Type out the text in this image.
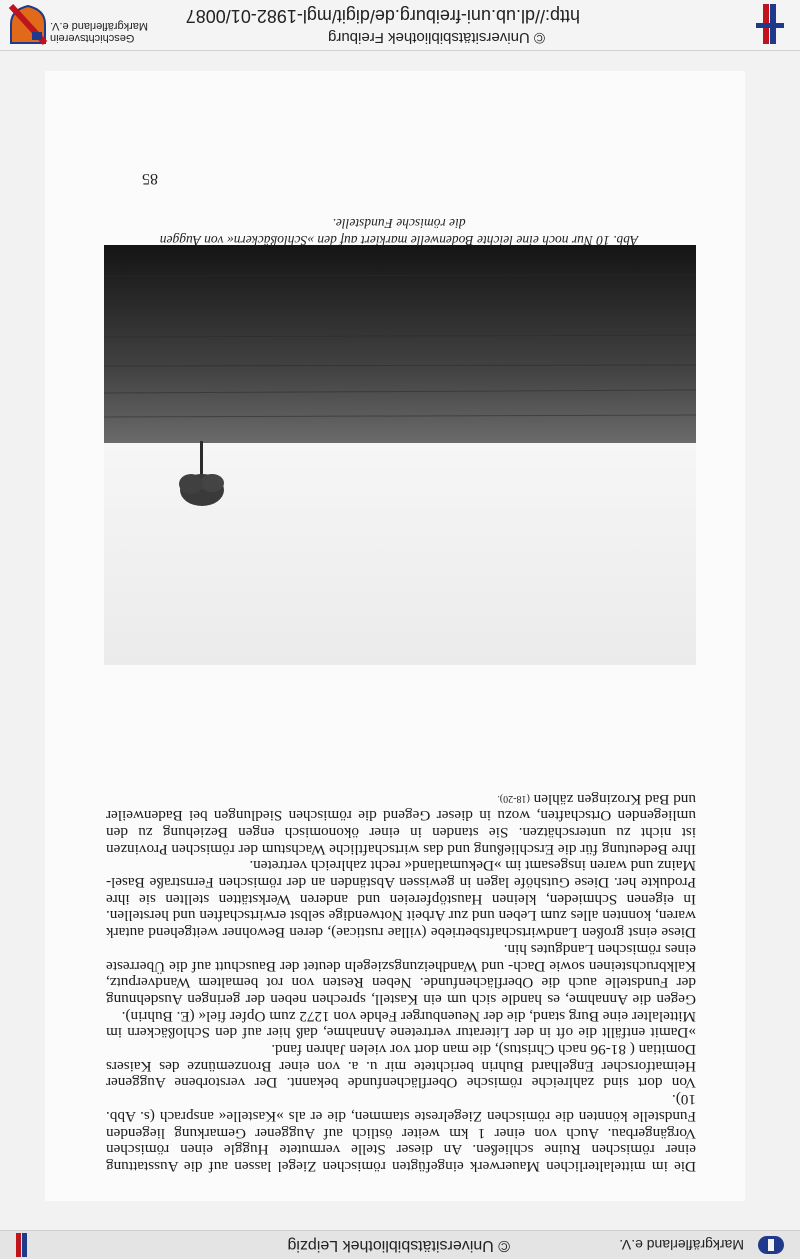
Markgräflerland e.V.
© Universitätsbibliothek Leipzig

Die im mittelalterlichen Mauerwerk eingefügten römischen Ziegel lassen auf die Ausstattung einer römischen Ruine schließen. An dieser Stelle vermutete Huggle einen römischen Vorgängerbau. Auch von einer 1 km weiter östlich auf Auggener Gemarkung liegenden Fundstelle könnten die römischen Ziegelreste stammen, die er als »Kastelle« ansprach (s. Abb. 10).

Von dort sind zahlreiche römische Oberflächenfunde bekannt. Der verstorbene Auggener Heimatforscher Engelhard Buhrin berichtete mir u. a. von einer Bronzemünze des Kaisers Domitian ( 81-96 nach Christus), die man dort vor vielen Jahren fand.

»Damit entfällt die oft in der Literatur vertretene Annahme, daß hier auf den Schloßäckern im Mittelalter eine Burg stand, die der Neuenburger Fehde von 1272 zum Opfer fiel« (E. Buhrin).

Gegen die Annahme, es handle sich um ein Kastell, sprechen neben der geringen Ausdehnung der Fundstelle auch die Oberflächenfunde. Neben Resten von rot bemaltem Wandverputz, Kalkbruchsteinen sowie Dach- und Wandheizungsziegeln deutet der Bauschutt auf die Überreste eines römischen Landgutes hin.

Diese einst großen Landwirtschaftsbetriebe (villae rusticae), deren Bewohner weitgehend autark waren, konnten alles zum Leben und zur Arbeit Notwendige selbst erwirtschaften und herstellen. In eigenen Schmieden, kleinen Haustöpfereien und anderen Werkstätten stellten sie ihre Produkte her. Diese Gutshöfe lagen in gewissen Abständen an der römischen Fernstraße Basel-Mainz und waren insgesamt im »Dekumatland« recht zahlreich vertreten.

Ihre Bedeutung für die Erschließung und das wirtschaftliche Wachstum der römischen Provinzen ist nicht zu unterschätzen. Sie standen in einer ökonomisch engen Beziehung zu den umliegenden Ortschaften, wozu in dieser Gegend die römischen Siedlungen bei Badenweiler und Bad Krozingen zählen (18-20).

Abb. 10 Nur noch eine leichte Bodenwelle markiert auf den »Schloßäckern« von Auggen
die römische Fundstelle.
85
© Universitätsbibliothek Freiburg
http://dl.ub.uni-freiburg.de/digit/mgl-1982-01/0087
Geschichtsverein
Markgräflerland e.V.
